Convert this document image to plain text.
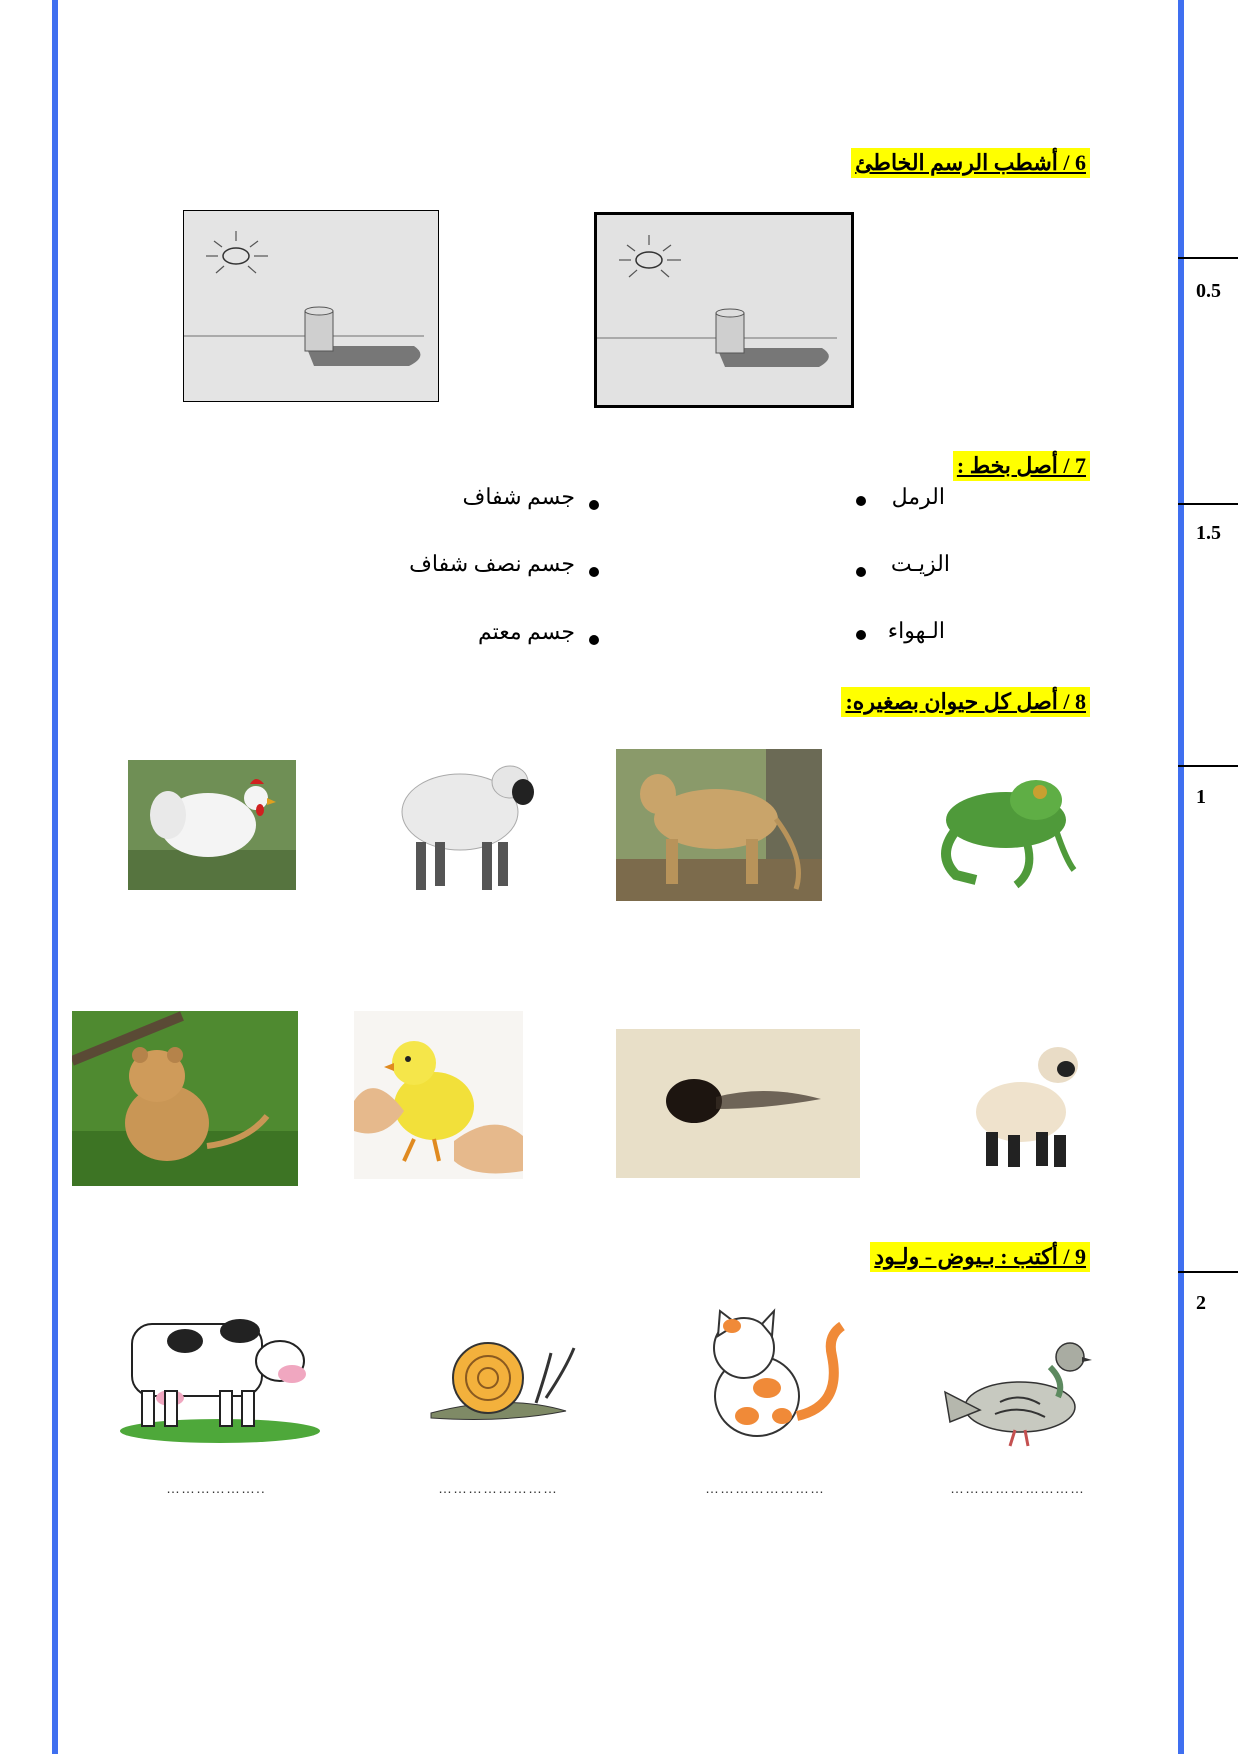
0.5
1.5
1
2
6 / أشطب الرسم الخاطئ
7 / أصل بخط :
الرمل
الزيـت
الـهواء
جسم شفاف
جسم نصف شفاف
جسم معتم
8 / أصل كل حيوان بصغيره:
9 / أكتب : بـيوض - ولـود
………………..	……………………	……………………	………………………
